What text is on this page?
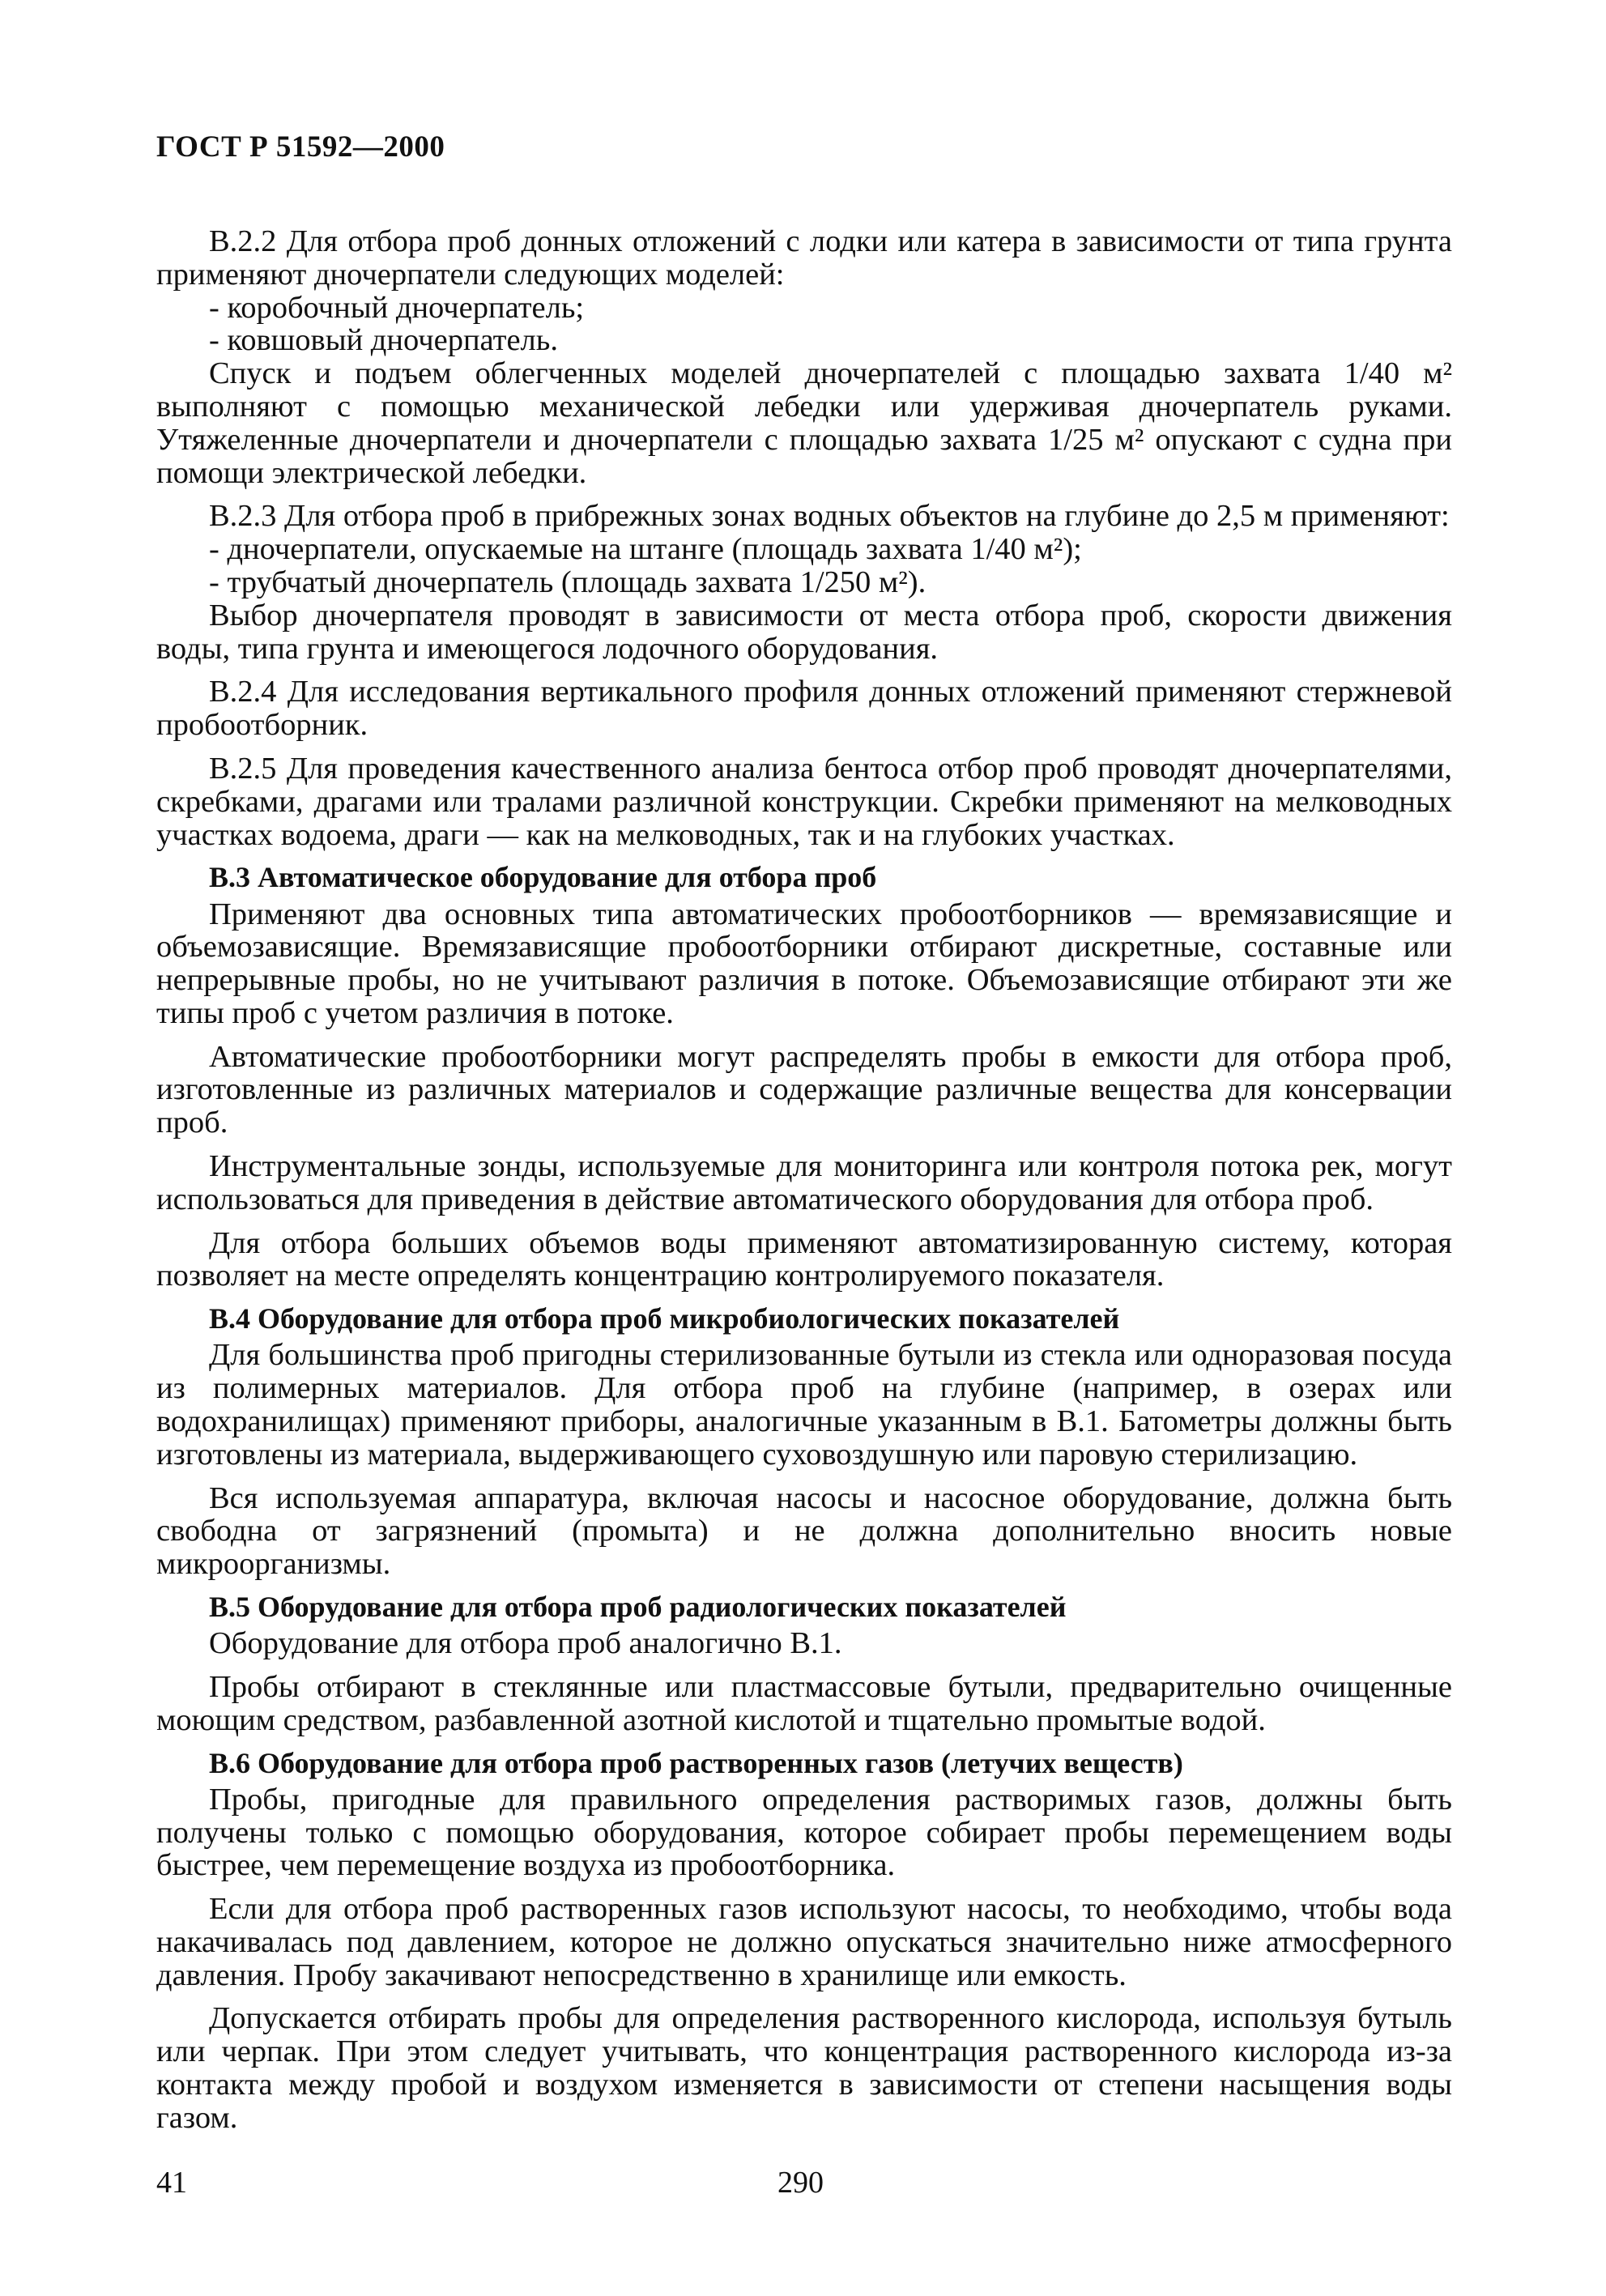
ГОСТ Р 51592—2000

В.2.2 Для отбора проб донных отложений с лодки или катера в зависимости от типа грунта применяют дночерпатели следующих моделей:

- коробочный дночерпатель;

- ковшовый дночерпатель.

Спуск и подъем облегченных моделей дночерпателей с площадью захвата 1/40 м² выполняют с помощью механической лебедки или удерживая дночерпатель руками. Утяжеленные дночерпатели и дночерпатели с площадью захвата 1/25 м² опускают с судна при помощи электрической лебедки.

В.2.3 Для отбора проб в прибрежных зонах водных объектов на глубине до 2,5 м применяют:

- дночерпатели, опускаемые на штанге (площадь захвата 1/40 м²);

- трубчатый дночерпатель (площадь захвата 1/250 м²).

Выбор дночерпателя проводят в зависимости от места отбора проб, скорости движения воды, типа грунта и имеющегося лодочного оборудования.

В.2.4 Для исследования вертикального профиля донных отложений применяют стержневой пробоотборник.

В.2.5 Для проведения качественного анализа бентоса отбор проб проводят дночерпателями, скребками, драгами или тралами различной конструкции. Скребки применяют на мелководных участках водоема, драги — как на мелководных, так и на глубоких участках.

В.3 Автоматическое оборудование для отбора проб

Применяют два основных типа автоматических пробоотборников — времязависящие и объемозависящие. Времязависящие пробоотборники отбирают дискретные, составные или непрерывные пробы, но не учитывают различия в потоке. Объемозависящие отбирают эти же типы проб с учетом различия в потоке.

Автоматические пробоотборники могут распределять пробы в емкости для отбора проб, изготовленные из различных материалов и содержащие различные вещества для консервации проб.

Инструментальные зонды, используемые для мониторинга или контроля потока рек, могут использоваться для приведения в действие автоматического оборудования для отбора проб.

Для отбора больших объемов воды применяют автоматизированную систему, которая позволяет на месте определять концентрацию контролируемого показателя.

В.4 Оборудование для отбора проб микробиологических показателей

Для большинства проб пригодны стерилизованные бутыли из стекла или одноразовая посуда из полимерных материалов. Для отбора проб на глубине (например, в озерах или водохранилищах) применяют приборы, аналогичные указанным в В.1. Батометры должны быть изготовлены из материала, выдерживающего суховоздушную или паровую стерилизацию.

Вся используемая аппаратура, включая насосы и насосное оборудование, должна быть свободна от загрязнений (промыта) и не должна дополнительно вносить новые микроорганизмы.

В.5 Оборудование для отбора проб радиологических показателей

Оборудование для отбора проб аналогично В.1.

Пробы отбирают в стеклянные или пластмассовые бутыли, предварительно очищенные моющим средством, разбавленной азотной кислотой и тщательно промытые водой.

В.6 Оборудование для отбора проб растворенных газов (летучих веществ)

Пробы, пригодные для правильного определения растворимых газов, должны быть получены только с помощью оборудования, которое собирает пробы перемещением воды быстрее, чем перемещение воздуха из пробоотборника.

Если для отбора проб растворенных газов используют насосы, то необходимо, чтобы вода накачивалась под давлением, которое не должно опускаться значительно ниже атмосферного давления. Пробу закачивают непосредственно в хранилище или емкость.

Допускается отбирать пробы для определения растворенного кислорода, используя бутыль или черпак. При этом следует учитывать, что концентрация растворенного кислорода из-за контакта между пробой и воздухом изменяется в зависимости от степени насыщения воды газом.

41	290
